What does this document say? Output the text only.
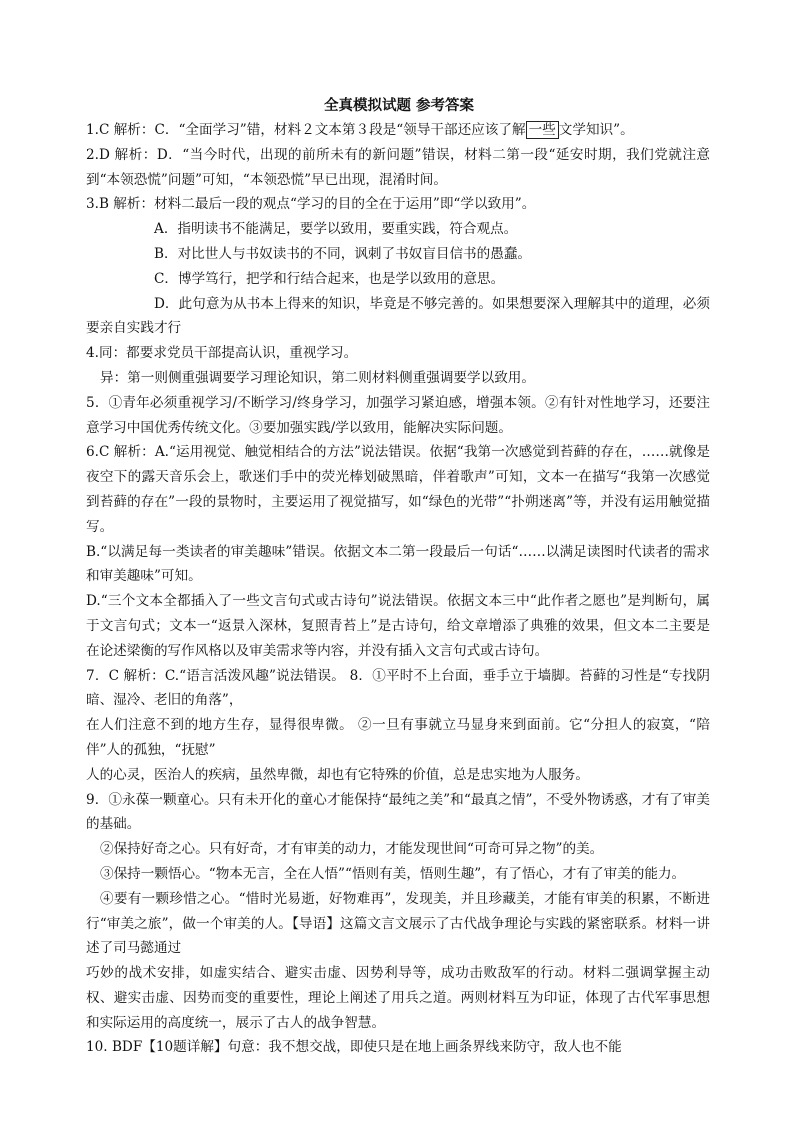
全真模拟试题 参考答案
1.C 解析：C．“全面学习”错，材料２文本第３段是“领导干部还应该了解 一些 文学知识”。
2.D 解析：D．“当今时代，出现的前所未有的新问题”错误，材料二第一段“延安时期，我们党就注意到“本领恐慌”问题”可知，“本领恐慌”早已出现，混淆时间。
3.B 解析：材料二最后一段的观点“学习的目的全在于运用”即“学以致用”。
A．指明读书不能满足，要学以致用，要重实践，符合观点。
B．对比世人与书奴读书的不同，讽刺了书奴盲目信书的愚蠢。
C．博学笃行，把学和行结合起来，也是学以致用的意思。
D．此句意为从书本上得来的知识，毕竟是不够完善的。如果想要深入理解其中的道理，必须要亲自实践才行
4.同：都要求党员干部提高认识，重视学习。
异：第一则侧重强调要学习理论知识，第二则材料侧重强调要学以致用。
5．①青年必须重视学习/不断学习/终身学习，加强学习紧迫感，增强本领。②有针对性地学习，还要注意学习中国优秀传统文化。③要加强实践/学以致用，能解决实际问题。
6.C 解析：A.“运用视觉、触觉相结合的方法”说法错误。依据“我第一次感觉到苔藓的存在，……就像是夜空下的露天音乐会上，歌迷们手中的荧光棒划破黑暗，伴着歌声”可知，文本一在描写“我第一次感觉到苔藓的存在”一段的景物时，主要运用了视觉描写，如“绿色的光带”“扑朔迷离”等，并没有运用触觉描写。
B.“以满足每一类读者的审美趣味”错误。依据文本二第一段最后一句话“……以满足读图时代读者的需求和审美趣味”可知。
D.“三个文本全都插入了一些文言句式或古诗句”说法错误。依据文本三中“此作者之愿也”是判断句，属于文言句式；文本一“返景入深林，复照青苔上”是古诗句，给文章增添了典雅的效果，但文本二主要是在论述梁衡的写作风格以及审美需求等内容，并没有插入文言句式或古诗句。
7．C 解析：C.“语言活泼风趣”说法错误。 8．①平时不上台面，垂手立于墙脚。苔藓的习性是“专找阴暗、湿冷、老旧的角落”，
在人们注意不到的地方生存，显得很卑微。 ②一旦有事就立马显身来到面前。它“分担人的寂寞，“陪伴”人的孤独，“抚慰”
人的心灵，医治人的疾病，虽然卑微，却也有它特殊的价值，总是忠实地为人服务。
9．①永葆一颗童心。只有未开化的童心才能保持“最纯之美”和“最真之情”，不受外物诱惑，才有了审美的基础。
②保持好奇之心。只有好奇，才有审美的动力，才能发现世间“可奇可异之物”的美。
③保持一颗悟心。“物本无言，全在人悟”“悟则有美，悟则生趣”，有了悟心，才有了审美的能力。
④要有一颗珍惜之心。“惜时光易逝，好物难再”，发现美，并且珍藏美，才能有审美的积累，不断进行“审美之旅”，做一个审美的人。【导语】这篇文言文展示了古代战争理论与实践的紧密联系。材料一讲述了司马懿通过
巧妙的战术安排，如虚实结合、避实击虚、因势利导等，成功击败敌军的行动。材料二强调掌握主动权、避实击虚、因势而变的重要性，理论上阐述了用兵之道。两则材料互为印证，体现了古代军事思想和实际运用的高度统一，展示了古人的战争智慧。
10. BDF【10题详解】句意：我不想交战，即使只是在地上画条界线来防守，敌人也不能
